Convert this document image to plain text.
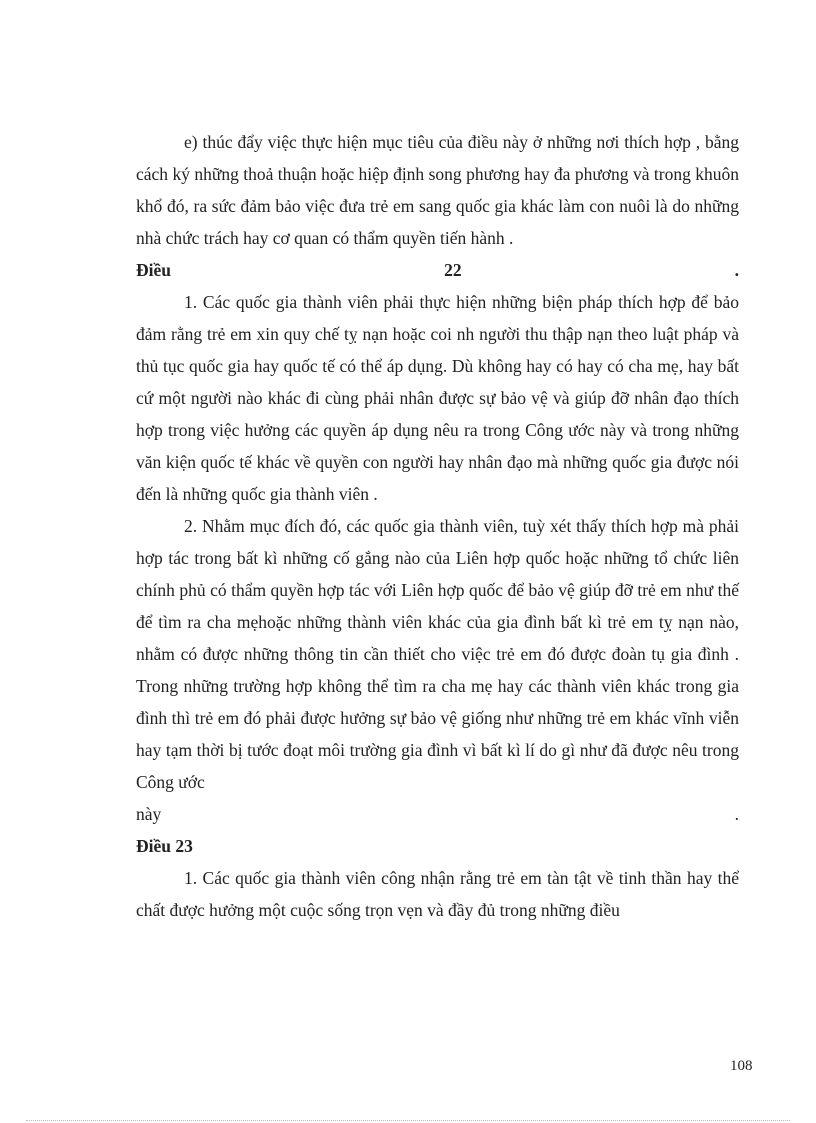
e) thúc đẩy việc thực hiện mục tiêu của điều này ở những nơi thích hợp , bằng cách ký những thoả thuận hoặc hiệp định song phương hay đa phương và trong khuôn khổ đó, ra sức đảm bảo việc đưa trẻ em sang quốc gia khác làm con nuôi là do những nhà chức trách hay cơ quan có thẩm quyền tiến hành .

Điều	22	.

1. Các quốc gia thành viên phải thực hiện những biện pháp thích hợp để bảo đảm rằng trẻ em xin quy chế tỵ nạn hoặc coi nh người thu thập nạn theo luật pháp và thủ tục quốc gia hay quốc tế có thể áp dụng. Dù không hay có hay có cha mẹ, hay bất cứ một người nào khác đi cùng phải nhân được sự bảo vệ và giúp đỡ nhân đạo thích hợp trong việc hưởng các quyền áp dụng nêu ra trong Công ước này và trong những văn kiện quốc tế khác về quyền con người hay nhân đạo mà những quốc gia được nói đến là những quốc gia thành viên .

2. Nhằm mục đích đó, các quốc gia thành viên, tuỳ xét thấy thích hợp mà phải hợp tác trong bất kì những cố gắng nào của Liên hợp quốc hoặc những tổ chức liên chính phủ có thẩm quyền hợp tác với Liên hợp quốc để bảo vệ giúp đỡ trẻ em như thế để tìm ra cha mẹhoặc những thành viên khác của gia đình bất kì trẻ em tỵ nạn nào, nhằm có được những thông tin cần thiết cho việc trẻ em đó được đoàn tụ gia đình . Trong những trường hợp không thể tìm ra cha mẹ hay các thành viên khác trong gia đình thì trẻ em đó phải được hưởng sự bảo vệ giống như những trẻ em khác vĩnh viễn hay tạm thời bị tước đoạt môi trường gia đình vì bất kì lí do gì như đã được nêu trong Công ước

này	.

Điều 23

1. Các quốc gia thành viên công nhận rằng trẻ em tàn tật về tinh thần hay thể chất được hưởng một cuộc sống trọn vẹn và đầy đủ trong những điều

108
